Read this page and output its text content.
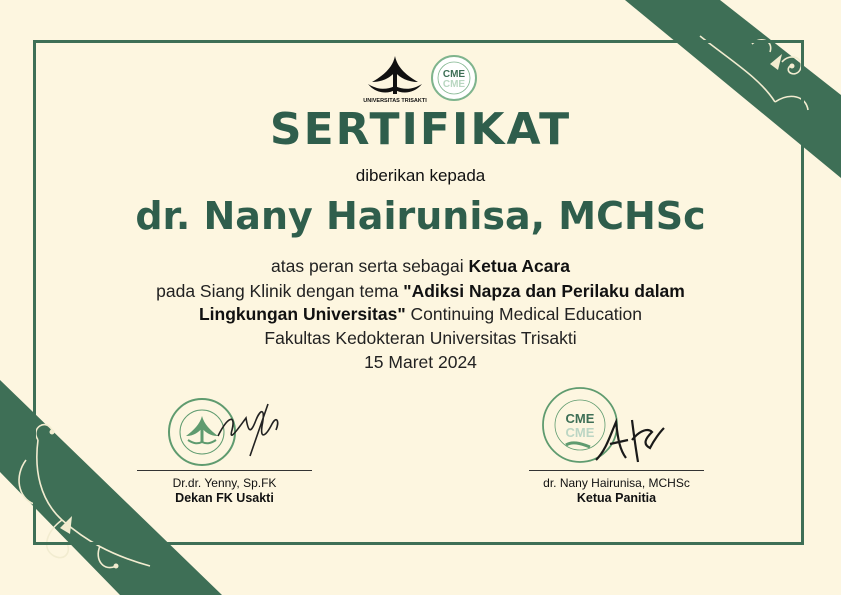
UNIVERSITAS TRISAKTI
CME
CME
SERTIFIKAT
diberikan kepada
dr. Nany Hairunisa, MCHSc
atas peran serta sebagai Ketua Acara
pada Siang Klinik dengan tema "Adiksi Napza dan Perilaku dalam
Lingkungan Universitas" Continuing Medical Education
Fakultas Kedokteran Universitas Trisakti
15 Maret 2024
Dr.dr. Yenny, Sp.FK
Dekan FK Usakti
CME
CME
dr. Nany Hairunisa, MCHSc
Ketua Panitia
